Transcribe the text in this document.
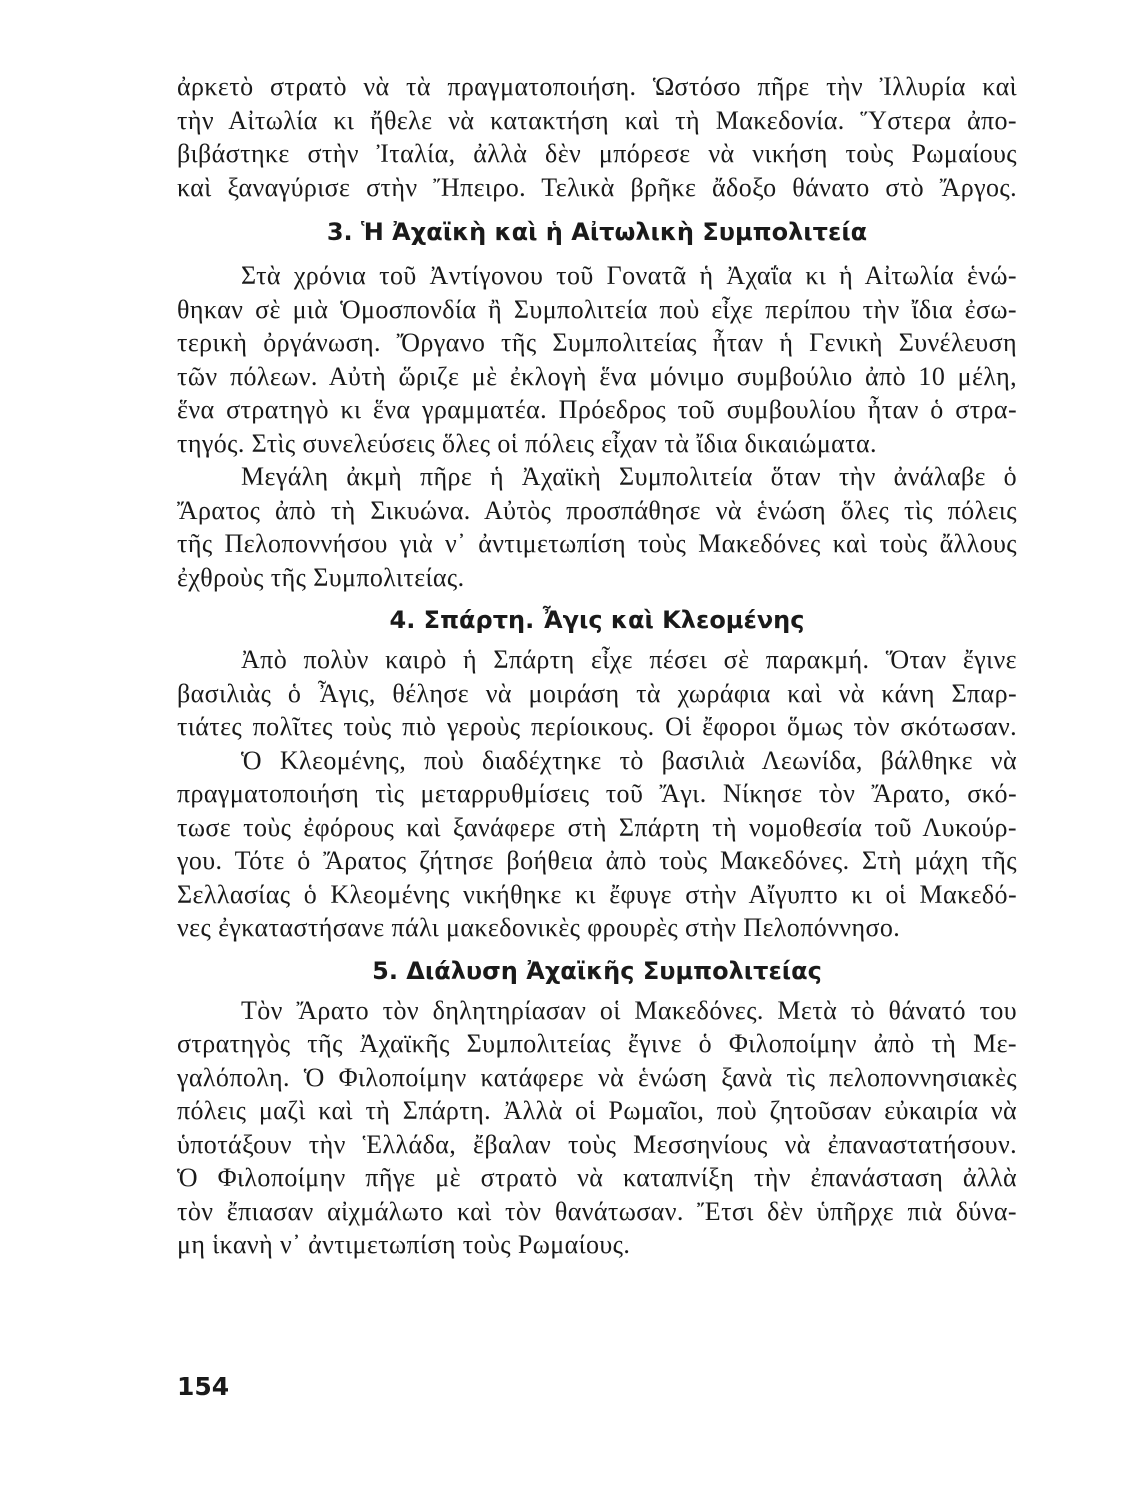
ἀρκετὸ στρατὸ νὰ τὰ πραγματοποιήση. Ὡστόσο πῆρε τὴν Ἰλλυρία καὶ
τὴν Αἰτωλία κι ἤθελε νὰ κατακτήση καὶ τὴ Μακεδονία. Ὕστερα ἀπο-
βιβάστηκε στὴν Ἰταλία, ἀλλὰ δὲν μπόρεσε νὰ νικήση τοὺς Ρωμαίους
καὶ ξαναγύρισε στὴν Ἤπειρο. Τελικὰ βρῆκε ἄδοξο θάνατο στὸ Ἄργος.
3. Ἡ Ἀχαϊκὴ καὶ ἡ Αἰτωλικὴ Συμπολιτεία
Στὰ χρόνια τοῦ Ἀντίγονου τοῦ Γονατᾶ ἡ Ἀχαΐα κι ἡ Αἰτωλία ἑνώ-
θηκαν σὲ μιὰ Ὁμοσπονδία ἢ Συμπολιτεία ποὺ εἶχε περίπου τὴν ἴδια ἐσω-
τερικὴ ὀργάνωση. Ὄργανο τῆς Συμπολιτείας ἦταν ἡ Γενικὴ Συνέλευση
τῶν πόλεων. Αὐτὴ ὥριζε μὲ ἐκλογὴ ἕνα μόνιμο συμβούλιο ἀπὸ 10 μέλη,
ἕνα στρατηγὸ κι ἕνα γραμματέα. Πρόεδρος τοῦ συμβουλίου ἦταν ὁ στρα-
τηγός. Στὶς συνελεύσεις ὅλες οἱ πόλεις εἶχαν τὰ ἴδια δικαιώματα.
Μεγάλη ἀκμὴ πῆρε ἡ Ἀχαϊκὴ Συμπολιτεία ὅταν τὴν ἀνάλαβε ὁ
Ἄρατος ἀπὸ τὴ Σικυώνα. Αὐτὸς προσπάθησε νὰ ἑνώση ὅλες τὶς πόλεις
τῆς Πελοποννήσου γιὰ ν᾽ ἀντιμετωπίση τοὺς Μακεδόνες καὶ τοὺς ἄλλους
ἐχθροὺς τῆς Συμπολιτείας.
4. Σπάρτη. Ἆγις καὶ Κλεομένης
Ἀπὸ πολὺν καιρὸ ἡ Σπάρτη εἶχε πέσει σὲ παρακμή. Ὅταν ἔγινε
βασιλιὰς ὁ Ἆγις, θέλησε νὰ μοιράση τὰ χωράφια καὶ νὰ κάνη Σπαρ-
τιάτες πολῖτες τοὺς πιὸ γεροὺς περίοικους. Οἱ ἔφοροι ὅμως τὸν σκότωσαν.
Ὁ Κλεομένης, ποὺ διαδέχτηκε τὸ βασιλιὰ Λεωνίδα, βάλθηκε νὰ
πραγματοποιήση τὶς μεταρρυθμίσεις τοῦ Ἄγι. Νίκησε τὸν Ἄρατο, σκό-
τωσε τοὺς ἐφόρους καὶ ξανάφερε στὴ Σπάρτη τὴ νομοθεσία τοῦ Λυκούρ-
γου. Τότε ὁ Ἄρατος ζήτησε βοήθεια ἀπὸ τοὺς Μακεδόνες. Στὴ μάχη τῆς
Σελλασίας ὁ Κλεομένης νικήθηκε κι ἔφυγε στὴν Αἴγυπτο κι οἱ Μακεδό-
νες ἐγκαταστήσανε πάλι μακεδονικὲς φρουρὲς στὴν Πελοπόννησο.
5. Διάλυση Ἀχαϊκῆς Συμπολιτείας
Τὸν Ἄρατο τὸν δηλητηρίασαν οἱ Μακεδόνες. Μετὰ τὸ θάνατό του
στρατηγὸς τῆς Ἀχαϊκῆς Συμπολιτείας ἔγινε ὁ Φιλοποίμην ἀπὸ τὴ Με-
γαλόπολη. Ὁ Φιλοποίμην κατάφερε νὰ ἑνώση ξανὰ τὶς πελοποννησιακὲς
πόλεις μαζὶ καὶ τὴ Σπάρτη. Ἀλλὰ οἱ Ρωμαῖοι, ποὺ ζητοῦσαν εὐκαιρία νὰ
ὑποτάξουν τὴν Ἑλλάδα, ἔβαλαν τοὺς Μεσσηνίους νὰ ἐπαναστατήσουν.
Ὁ Φιλοποίμην πῆγε μὲ στρατὸ νὰ καταπνίξη τὴν ἐπανάσταση ἀλλὰ
τὸν ἔπιασαν αἰχμάλωτο καὶ τὸν θανάτωσαν. Ἔτσι δὲν ὑπῆρχε πιὰ δύνα-
μη ἱκανὴ ν᾽ ἀντιμετωπίση τοὺς Ρωμαίους.
154
